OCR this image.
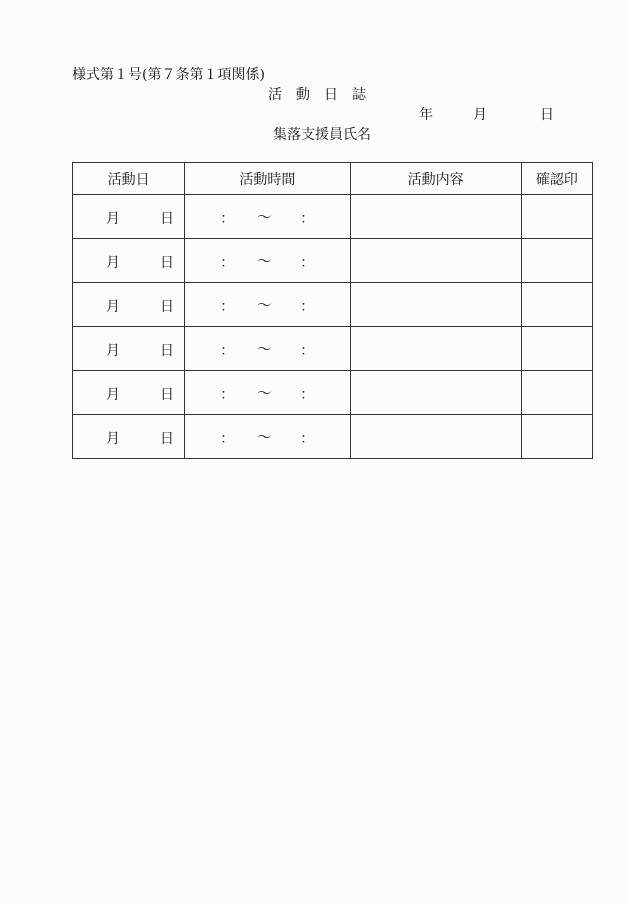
様式第１号(第７条第１項関係)
活動日誌
年	月	日
集落支援員氏名
活動日	活動時間	活動内容	確認印

月 日	： 〜 ：		

月 日	： 〜 ：		

月 日	： 〜 ：		

月 日	： 〜 ：		

月 日	： 〜 ：		

月 日	： 〜 ：		
